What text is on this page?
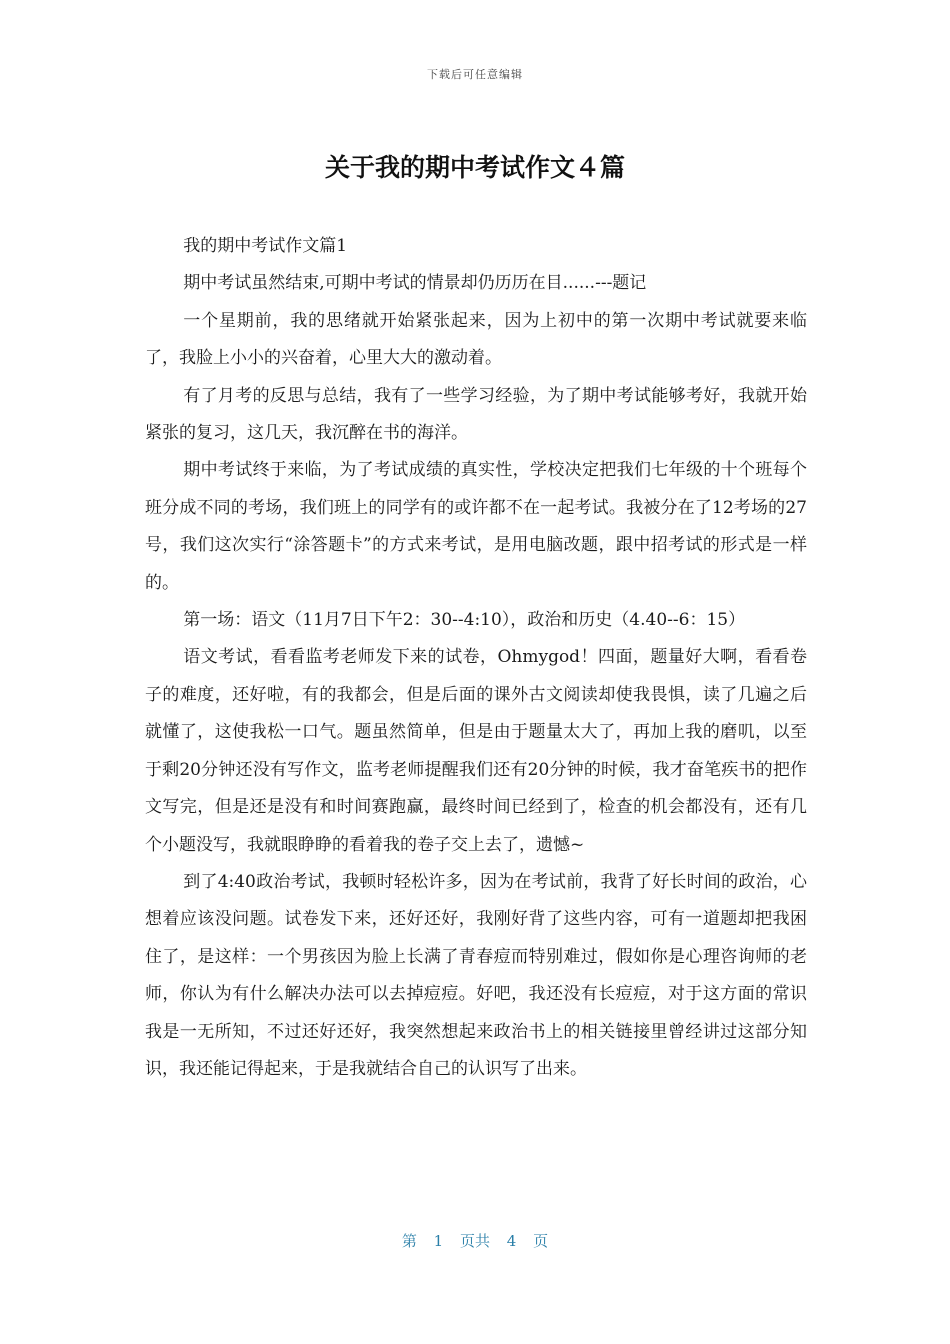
下载后可任意编辑
关于我的期中考试作文４篇

我的期中考试作文篇1

期中考试虽然结束,可期中考试的情景却仍历历在目......---题记

一个星期前，我的思绪就开始紧张起来，因为上初中的第一次期中考试就要来临了，我脸上小小的兴奋着，心里大大的激动着。

有了月考的反思与总结，我有了一些学习经验，为了期中考试能够考好，我就开始紧张的复习，这几天，我沉醉在书的海洋。

期中考试终于来临，为了考试成绩的真实性，学校决定把我们七年级的十个班每个班分成不同的考场，我们班上的同学有的或许都不在一起考试。我被分在了12考场的27号，我们这次实行“涂答题卡”的方式来考试，是用电脑改题，跟中招考试的形式是一样的。

第一场：语文（11月7日下午2：30--4:10），政治和历史（4.40--6：15）

语文考试，看看监考老师发下来的试卷，Ohmygod！四面，题量好大啊，看看卷子的难度，还好啦，有的我都会，但是后面的课外古文阅读却使我畏惧，读了几遍之后就懂了，这使我松一口气。题虽然简单，但是由于题量太大了，再加上我的磨叽，以至于剩20分钟还没有写作文，监考老师提醒我们还有20分钟的时候，我才奋笔疾书的把作文写完，但是还是没有和时间赛跑赢，最终时间已经到了，检查的机会都没有，还有几个小题没写，我就眼睁睁的看着我的卷子交上去了，遗憾~

到了4:40政治考试，我顿时轻松许多，因为在考试前，我背了好长时间的政治，心想着应该没问题。试卷发下来，还好还好，我刚好背了这些内容，可有一道题却把我困住了，是这样：一个男孩因为脸上长满了青春痘而特别难过，假如你是心理咨询师的老师，你认为有什么解决办法可以去掉痘痘。好吧，我还没有长痘痘，对于这方面的常识我是一无所知，不过还好还好，我突然想起来政治书上的相关链接里曾经讲过这部分知识，我还能记得起来，于是我就结合自己的认识写了出来。

第 1 页共 4 页
